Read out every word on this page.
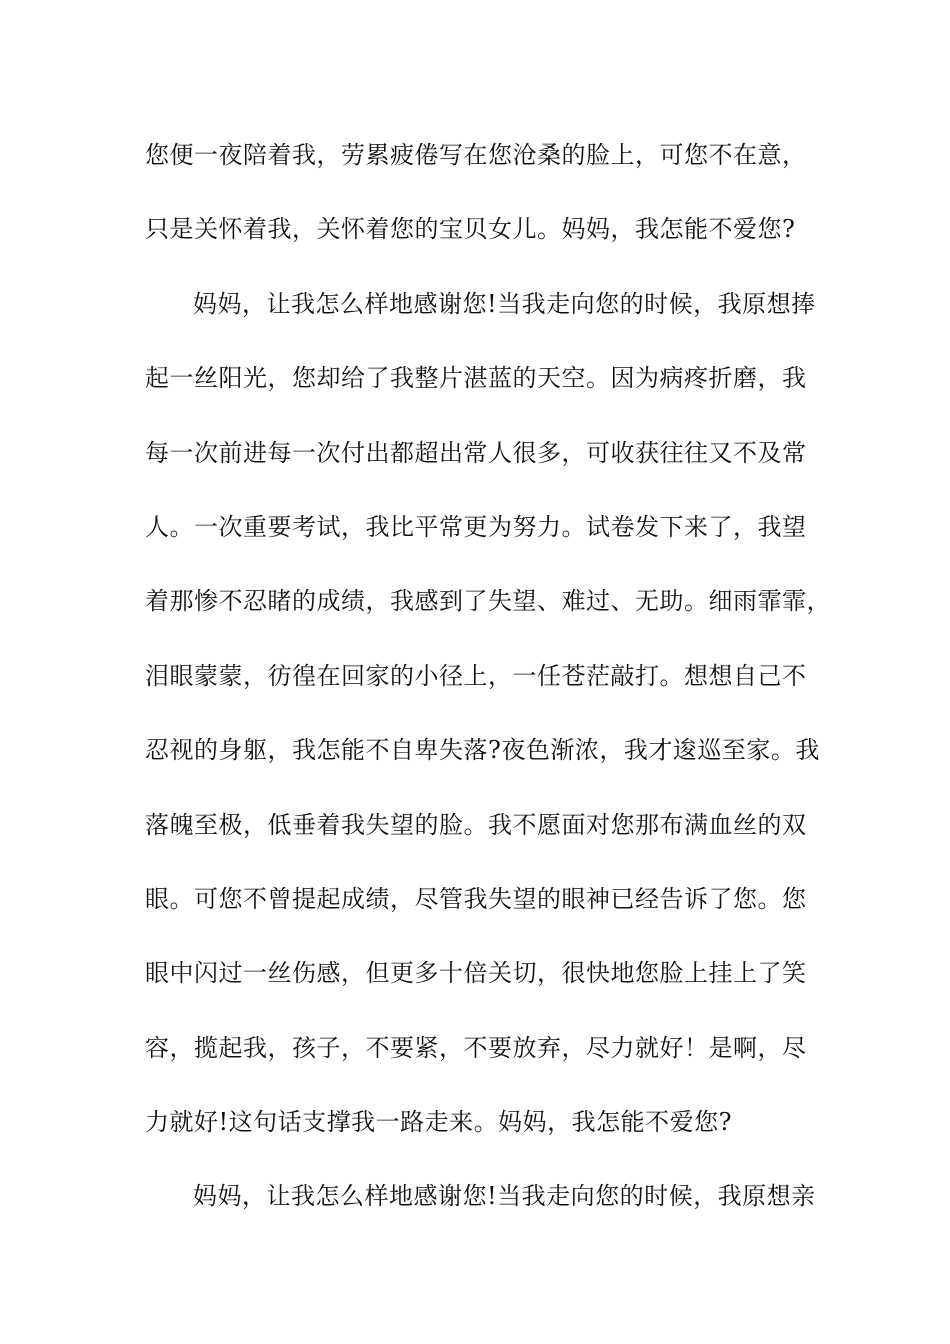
您便一夜陪着我，劳累疲倦写在您沧桑的脸上，可您不在意，
只是关怀着我，关怀着您的宝贝女儿。妈妈，我怎能不爱您?
妈妈，让我怎么样地感谢您!当我走向您的时候，我原想捧
起一丝阳光，您却给了我整片湛蓝的天空。因为病疼折磨，我
每一次前进每一次付出都超出常人很多，可收获往往又不及常
人。一次重要考试，我比平常更为努力。试卷发下来了，我望
着那惨不忍睹的成绩，我感到了失望、难过、无助。细雨霏霏，
泪眼蒙蒙，彷徨在回家的小径上，一任苍茫敲打。想想自己不
忍视的身躯，我怎能不自卑失落?夜色渐浓，我才逡巡至家。我
落魄至极，低垂着我失望的脸。我不愿面对您那布满血丝的双
眼。可您不曾提起成绩，尽管我失望的眼神已经告诉了您。您
眼中闪过一丝伤感，但更多十倍关切，很快地您脸上挂上了笑
容，揽起我，孩子，不要紧，不要放弃，尽力就好！是啊，尽
力就好!这句话支撑我一路走来。妈妈，我怎能不爱您?
妈妈，让我怎么样地感谢您!当我走向您的时候，我原想亲
